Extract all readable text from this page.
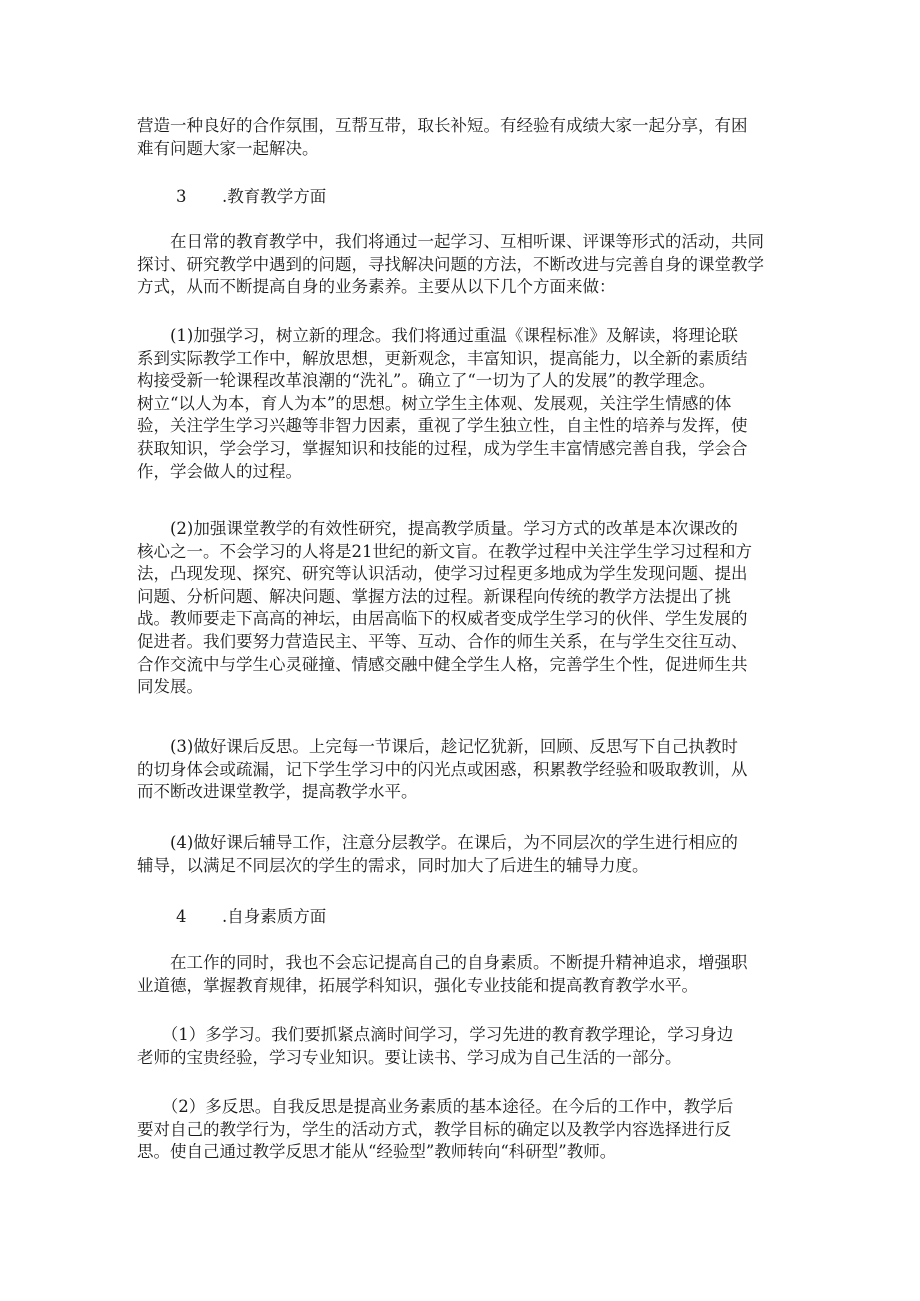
营造一种良好的合作氛围，互帮互带，取长补短。有经验有成绩大家一起分享，有困
难有问题大家一起解决。
3 .教育教学方面
　　在日常的教育教学中，我们将通过一起学习、互相听课、评课等形式的活动，共同
探讨、研究教学中遇到的问题，寻找解决问题的方法，不断改进与完善自身的课堂教学
方式，从而不断提高自身的业务素养。主要从以下几个方面来做：
　　(1)加强学习，树立新的理念。我们将通过重温《课程标准》及解读，将理论联
系到实际教学工作中，解放思想，更新观念，丰富知识，提高能力，以全新的素质结
构接受新一轮课程改革浪潮的“洗礼”。确立了“一切为了人的发展”的教学理念。
树立“以人为本，育人为本”的思想。树立学生主体观、发展观，关注学生情感的体
验，关注学生学习兴趣等非智力因素，重视了学生独立性，自主性的培养与发挥，使
获取知识，学会学习，掌握知识和技能的过程，成为学生丰富情感完善自我，学会合
作，学会做人的过程。
　　(2)加强课堂教学的有效性研究，提高教学质量。学习方式的改革是本次课改的
核心之一。不会学习的人将是21世纪的新文盲。在教学过程中关注学生学习过程和方
法，凸现发现、探究、研究等认识活动，使学习过程更多地成为学生发现问题、提出
问题、分析问题、解决问题、掌握方法的过程。新课程向传统的教学方法提出了挑
战。教师要走下高高的神坛，由居高临下的权威者变成学生学习的伙伴、学生发展的
促进者。我们要努力营造民主、平等、互动、合作的师生关系，在与学生交往互动、
合作交流中与学生心灵碰撞、情感交融中健全学生人格，完善学生个性，促进师生共
同发展。
　　(3)做好课后反思。上完每一节课后，趁记忆犹新，回顾、反思写下自己执教时
的切身体会或疏漏，记下学生学习中的闪光点或困惑，积累教学经验和吸取教训，从
而不断改进课堂教学，提高教学水平。
　　(4)做好课后辅导工作，注意分层教学。在课后，为不同层次的学生进行相应的
辅导，以满足不同层次的学生的需求，同时加大了后进生的辅导力度。
4 .自身素质方面
　　在工作的同时，我也不会忘记提高自己的自身素质。不断提升精神追求，增强职
业道德，掌握教育规律，拓展学科知识，强化专业技能和提高教育教学水平。
　　（1）多学习。我们要抓紧点滴时间学习，学习先进的教育教学理论，学习身边
老师的宝贵经验，学习专业知识。要让读书、学习成为自己生活的一部分。
　　（2）多反思。自我反思是提高业务素质的基本途径。在今后的工作中，教学后
要对自己的教学行为，学生的活动方式，教学目标的确定以及教学内容选择进行反
思。使自己通过教学反思才能从“经验型”教师转向“科研型”教师。
